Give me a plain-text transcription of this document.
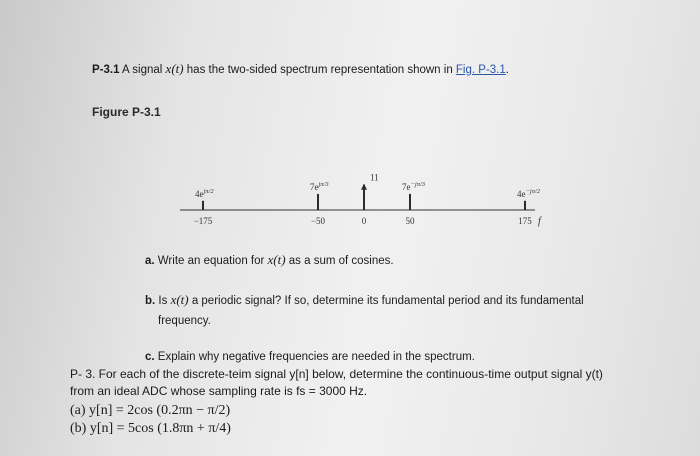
P-3.1 A signal x(t) has the two-sided spectrum representation shown in Fig. P-3.1.
Figure P-3.1
f
−175
$4e^{j\pi/2}$
−50
$7e^{j\pi/3}$
0
11
50
$7e^{-j\pi/3}$
175
$4e^{-j\pi/2}$
a. Write an equation for x(t) as a sum of cosines.
b. Is x(t) a periodic signal? If so, determine its fundamental period and its fundamental
frequency.
c. Explain why negative frequencies are needed in the spectrum.
P- 3. For each of the discrete-teim signal y[n] below, determine the continuous-time output signal y(t)
from an ideal ADC whose sampling rate is fs = 3000 Hz.
(a) y[n] = 2cos (0.2πn − π/2)
(b) y[n] = 5cos (1.8πn + π/4)
